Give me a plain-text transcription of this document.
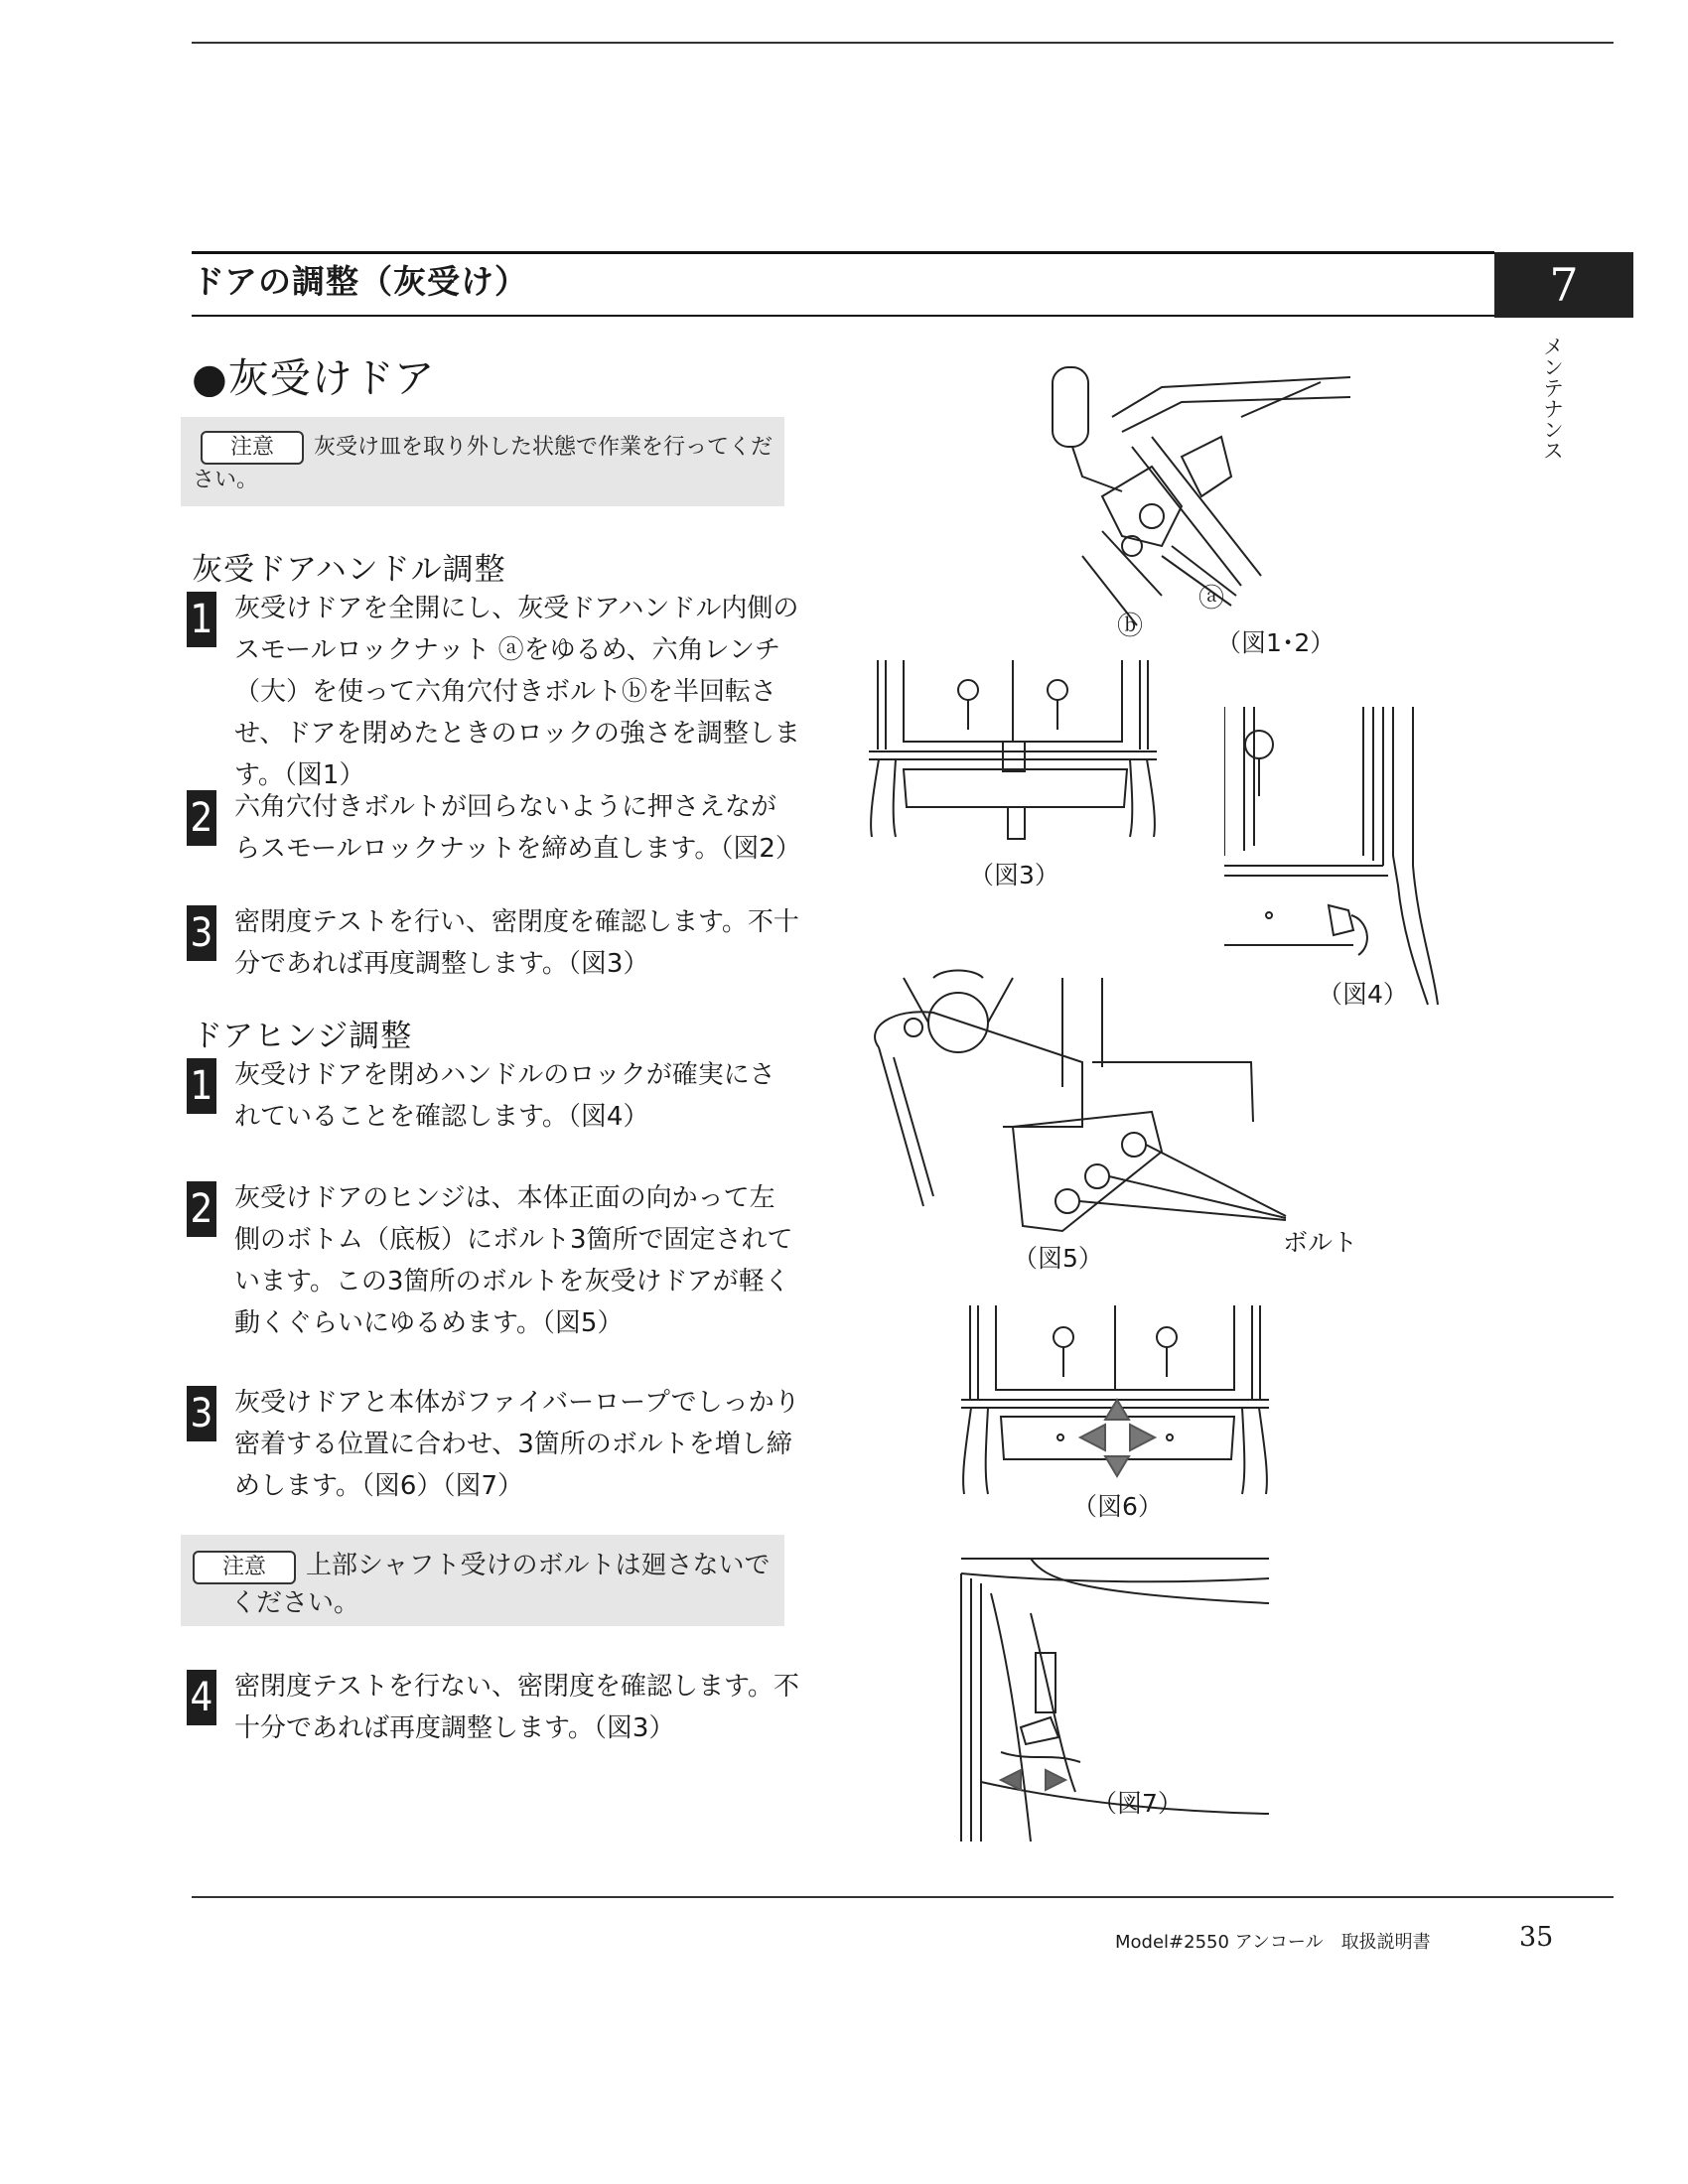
ドアの調整（灰受け）	7
メンテナンス
●灰受けドア
注意 灰受け皿を取り外した状態で作業を行ってください。
灰受ドアハンドル調整
1 灰受けドアを全開にし、灰受ドアハンドル内側のスモールロックナット ⓐをゆるめ、六角レンチ（大）を使って六角穴付きボルトⓑを半回転させ、ドアを閉めたときのロックの強さを調整します。（図1）
2 六角穴付きボルトが回らないように押さえながらスモールロックナットを締め直します。（図2）
3 密閉度テストを行い、密閉度を確認します。不十分であれば再度調整します。（図3）
ドアヒンジ調整
1 灰受けドアを閉めハンドルのロックが確実にされていることを確認します。（図4）
2 灰受けドアのヒンジは、本体正面の向かって左側のボトム（底板）にボルト3箇所で固定されています。この3箇所のボルトを灰受けドアが軽く動くぐらいにゆるめます。（図5）
3 灰受けドアと本体がファイバーロープでしっかり密着する位置に合わせ、3箇所のボルトを増し締めします。（図6）（図7）
注意 上部シャフト受けのボルトは廻さないでください。
4 密閉度テストを行ない、密閉度を確認します。不十分であれば再度調整します。（図3）
ⓐ
ⓑ
（図1･2）
（図3）
（図4）
（図5）
ボルト
（図6）
（図7）
Model#2550 アンコール　取扱説明書	35
